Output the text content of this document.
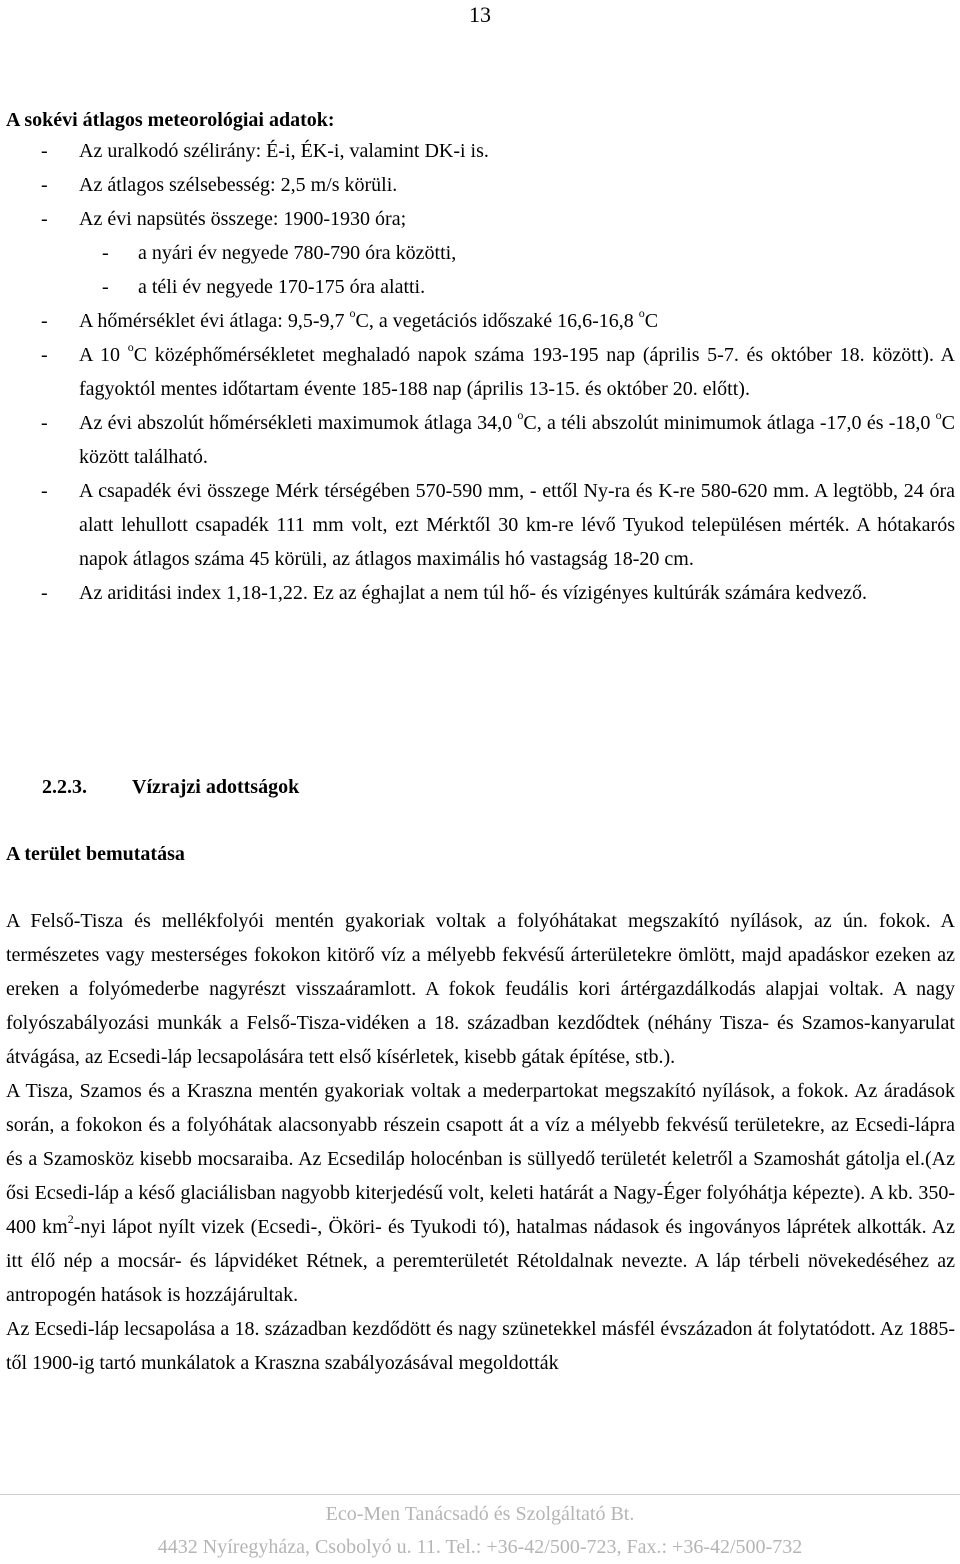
13
A sokévi átlagos meteorológiai adatok:
- Az uralkodó szélirány: É-i, ÉK-i, valamint DK-i is.
- Az átlagos szélsebesség: 2,5 m/s körüli.
- Az évi napsütés összege: 1900-1930 óra;
- a nyári év negyede 780-790 óra közötti,
- a téli év negyede 170-175 óra alatti.
- A hőmérséklet évi átlaga: 9,5-9,7 $^o$C, a vegetációs időszaké 16,6-16,8 $^o$C
- A 10 $^o$C középhőmérsékletet meghaladó napok száma 193-195 nap (április 5-7. és október 18. között). A fagyoktól mentes időtartam évente 185-188 nap (április 13-15. és október 20. előtt).
- Az évi abszolút hőmérsékleti maximumok átlaga 34,0 $^o$C, a téli abszolút minimumok átlaga -17,0 és -18,0 $^o$C között található.
- A csapadék évi összege Mérk térségében 570-590 mm, - ettől Ny-ra és K-re 580-620 mm. A legtöbb, 24 óra alatt lehullott csapadék 111 mm volt, ezt Mérktől 30 km-re lévő Tyukod településen mérték. A hótakarós napok átlagos száma 45 körüli, az átlagos maximális hó vastagság 18-20 cm.
- Az ariditási index 1,18-1,22. Ez az éghajlat a nem túl hő- és vízigényes kultúrák számára kedvező.
2.2.3. Vízrajzi adottságok
A terület bemutatása

A Felső-Tisza és mellékfolyói mentén gyakoriak voltak a folyóhátakat megszakító nyílások, az ún. fokok. A természetes vagy mesterséges fokokon kitörő víz a mélyebb fekvésű árterületekre ömlött, majd apadáskor ezeken az ereken a folyómederbe nagyrészt visszaáramlott. A fokok feudális kori ártérgazdálkodás alapjai voltak. A nagy folyószabályozási munkák a Felső-Tisza-vidéken a 18. században kezdődtek (néhány Tisza- és Szamos-kanyarulat átvágása, az Ecsedi-láp lecsapolására tett első kísérletek, kisebb gátak építése, stb.).

A Tisza, Szamos és a Kraszna mentén gyakoriak voltak a mederpartokat megszakító nyílások, a fokok. Az áradások során, a fokokon és a folyóhátak alacsonyabb részein csapott át a víz a mélyebb fekvésű területekre, az Ecsedi-lápra és a Szamosköz kisebb mocsaraiba. Az Ecsediláp holocénban is süllyedő területét keletről a Szamoshát gátolja el.(Az ősi Ecsedi-láp a késő glaciálisban nagyobb kiterjedésű volt, keleti határát a Nagy-Éger folyóhátja képezte). A kb. 350-400 $km^2$-nyi lápot nyílt vizek (Ecsedi-, Ököri- és Tyukodi tó), hatalmas nádasok és ingoványos láprétek alkották. Az itt élő nép a mocsár- és lápvidéket Rétnek, a peremterületét Rétoldalnak nevezte. A láp térbeli növekedéséhez az antropogén hatások is hozzájárultak.

Az Ecsedi-láp lecsapolása a 18. században kezdődött és nagy szünetekkel másfél évszázadon át folytatódott. Az 1885-től 1900-ig tartó munkálatok a Kraszna szabályozásával megoldották

Eco-Men Tanácsadó és Szolgáltató Bt.
4432 Nyíregyháza, Csobolyó u. 11. Tel.: +36-42/500-723, Fax.: +36-42/500-732
